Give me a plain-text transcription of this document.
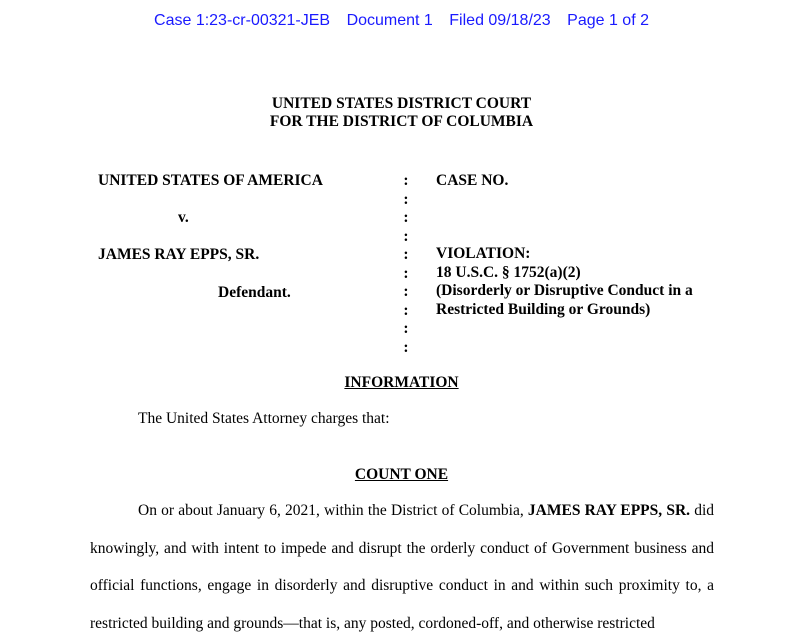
Case 1:23-cr-00321-JEB Document 1 Filed 09/18/23 Page 1 of 2
UNITED STATES DISTRICT COURT
FOR THE DISTRICT OF COLUMBIA
UNITED STATES OF AMERICA
v.
JAMES RAY EPPS, SR.
Defendant.
:
:
:
:
:
:
:
:
:
:
CASE NO.
VIOLATION:
18 U.S.C. § 1752(a)(2)
(Disorderly or Disruptive Conduct in a
Restricted Building or Grounds)
INFORMATION
The United States Attorney charges that:
COUNT ONE
On or about January 6, 2021, within the District of Columbia, JAMES RAY EPPS, SR. did knowingly, and with intent to impede and disrupt the orderly conduct of Government business and official functions, engage in disorderly and disruptive conduct in and within such proximity to, a restricted building and grounds—that is, any posted, cordoned-off, and otherwise restricted
